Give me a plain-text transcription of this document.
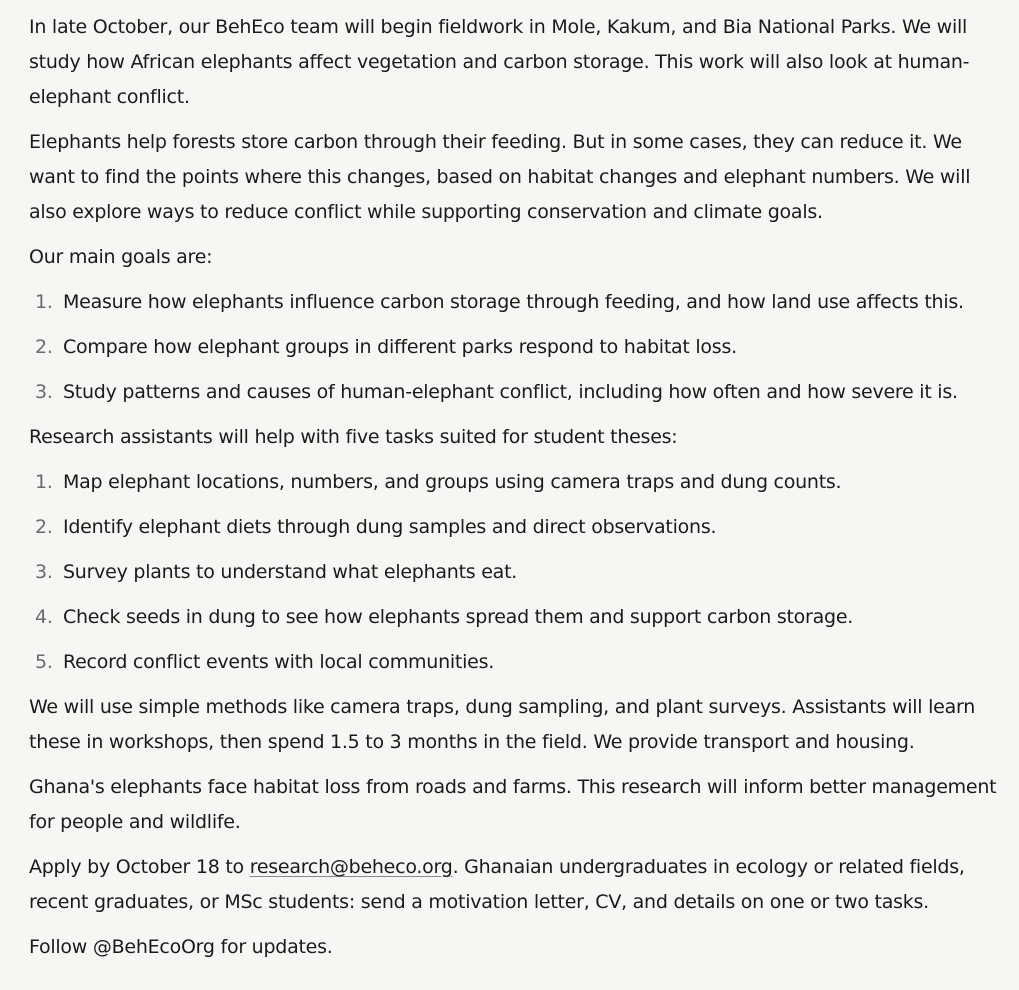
In late October, our BehEco team will begin fieldwork in Mole, Kakum, and Bia National Parks. We will study how African elephants affect vegetation and carbon storage. This work will also look at human-elephant conflict.

Elephants help forests store carbon through their feeding. But in some cases, they can reduce it. We want to find the points where this changes, based on habitat changes and elephant numbers. We will also explore ways to reduce conflict while supporting conservation and climate goals.

Our main goals are:

1. Measure how elephants influence carbon storage through feeding, and how land use affects this.
2. Compare how elephant groups in different parks respond to habitat loss.
3. Study patterns and causes of human-elephant conflict, including how often and how severe it is.

Research assistants will help with five tasks suited for student theses:

1. Map elephant locations, numbers, and groups using camera traps and dung counts.
2. Identify elephant diets through dung samples and direct observations.
3. Survey plants to understand what elephants eat.
4. Check seeds in dung to see how elephants spread them and support carbon storage.
5. Record conflict events with local communities.

We will use simple methods like camera traps, dung sampling, and plant surveys. Assistants will learn these in workshops, then spend 1.5 to 3 months in the field. We provide transport and housing.

Ghana's elephants face habitat loss from roads and farms. This research will inform better management for people and wildlife.

Apply by October 18 to research@beheco.org. Ghanaian undergraduates in ecology or related fields, recent graduates, or MSc students: send a motivation letter, CV, and details on one or two tasks.

Follow @BehEcoOrg for updates.
